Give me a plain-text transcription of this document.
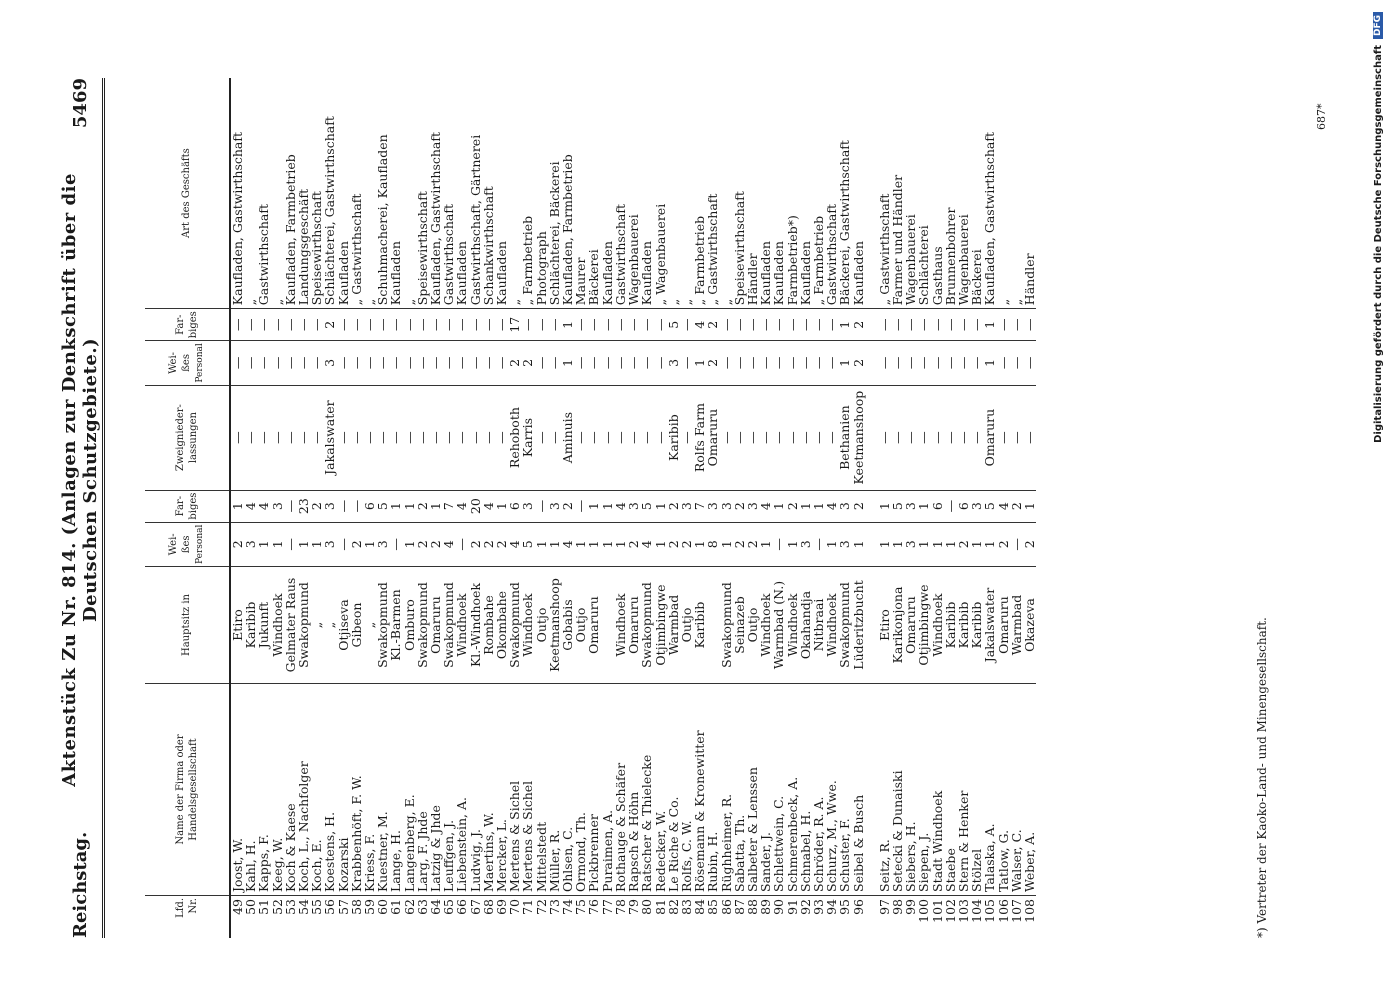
Reichstag.
Aktenstück Zu Nr. 814. (Anlagen zur Denkschrift über die Deutschen Schutzgebiete.)
5469
Lfd. Nr.	Name der Firma oder Handelsgesellschaft	Hauptsitz in	Wei-ßes Personal	Far-biges	Zweignieder-lassungen	Wei-ßes Personal	Far-biges	Art des Geschäfts
49	Joost, W.	Etiro	2	1	—	—	—	Kaufladen, Gastwirthschaft
50	Kahl, H.	Karibib	3	4	—	—	—	„
51	Kapps, F.	Jukunft	1	4	—	—	—	Gastwirthschaft
52	Keeg, W.	Windhoek	1	3	—	—	—	„
53	Koch & Kaese	Gelmater Raus	—	—	—	—	—	Kaufladen, Farmbetrieb
54	Koch, L., Nachfolger	Swakopmund	1	23	—	—	—	Landungsgeschäft
55	Koch, E.	„	1	2	—	—	—	Speisewirthschaft
56	Koestens, H.	„	3	3	Jakalswater	3	2	Schlächterei, Gastwirthschaft
57	Kozarski	Otjiseva	—	—	—	—	—	Kaufladen
58	Krabbenhöft, F. W.	Gibeon	2	—	—	—	—	„ Gastwirthschaft
59	Kriess, F.	„	1	6	—	—	—	„
60	Kuestner, M.	Swakopmund	3	5	—	—	—	Schuhmacherei, Kaufladen
61	Lange, H.	Kl.-Barmen	—	1	—	—	—	Kaufladen
62	Langenberg, E.	Omburo	1	1	—	—	—	„
63	Larg, F. Jhde	Swakopmund	2	2	—	—	—	Speisewirthschaft
64	Latzig & Jhde	Omaruru	2	1	—	—	—	Kaufladen, Gastwirthschaft
65	Leuffgen, J.	Swakopmund	4	7	—	—	—	Gastwirthschaft
66	Liebenstein, A.	Windhoek	—	4	—	—	—	Kaufladen
67	Ludwig, J.	Kl.-Windhoek	2	20	—	—	—	Gastwirthschaft, Gärtnerei
68	Maertins, W.	Rombahe	2	4	—	—	—	Schankwirthschaft
69	Mercker, L.	Okombahe	2	1	—	—	—	Kaufladen
70	Mertens & Sichel	Swakopmund	4	6	Rehoboth	2	17	„
71	Mertens & Sichel	Windhoek	5	3	Karris	2	—	„ Farmbetrieb
72	Mittelstedt	Outjo	1	—	—	—	—	Photograph
73	Müller, R.	Keetmanshoop	1	3	—	—	—	Schlächterei, Bäckerei
74	Ohlsen, C.	Gobabis	4	2	Aminuis	1	1	Kaufladen, Farmbetrieb
75	Ormond, Th.	Outjo	1	—	—	—	—	Maurer
76	Pickbrenner	Omaruru	1	1	—	—	—	Bäckerei
77	Puraimen, A.		1	1	—	—	—	Kaufladen
78	Rothauge & Schäfer	Windhoek	1	4	—	—	—	Gastwirthschaft
79	Rapsch & Höhn	Omaruru	2	3	—	—	—	Wagenbauerei
80	Ratscher & Thielecke	Swakopmund	4	5	—	—	—	Kaufladen
81	Redecker, W.	Otjimbingwe	1	1	—	—	—	„ Wagenbauerei
82	Le Riche & Co.	Warmbad	2	2	Karibib	3	5	„
83	Rolfs, C. W.	Outjo	2	3	—	—	—	„
84	Rösemann & Kronewitter	Karibib	1	7	Rolfs Farm	1	4	„ Farmbetrieb
85	Rubin, H.		8	3	Omaruru	2	2	„ Gastwirthschaft
86	Rüghheimer, R.	Swakopmund	1	3	—	—	—	„
87	Sabatta, Th.	Seinazeb	2	2	—	—	—	Speisewirthschaft
88	Salbeter & Lenssen	Outjo	2	3	—	—	—	Händler
89	Sander, J.	Windhoek	1	4	—	—	—	Kaufladen
90	Schlettwein, C.	Warmbad (N.)	—	1	—	—	—	Kaufladen
91	Schmerenbeck, A.	Windhoek	1	2	—	—	—	Farmbetrieb*)
92	Schnabel, H.	Okahandja	3	1	—	—	—	Kaufladen
93	Schröder, R. A.	Nitbraai	—	1	—	—	—	„ Farmbetrieb
94	Schurz, M., Wwe.	Windhoek	1	4	—	—	—	Gastwirthschaft
95	Schuster, F.	Swakopmund	3	3	Bethanien	1	1	Bäckerei, Gastwirthschaft
96	Seibel & Busch	Lüderitzbucht	1	2	Keetmanshoop	2	2	Kaufladen

97	Seitz, R.	Etiro	1	1	—	—	—	„ Gastwirthschaft
98	Setecki & Dunaiski	Karikonjona	1	5	—	—	—	Farmer und Händler
99	Siebers, H.	Omaruru	3	3	—	—	—	Wagenbauerei
100	Siepen, J.	Otjimbingwe	1	1	—	—	—	Schlächterei
101	Stadt Windhoek	Windhoek	1	6	—	—	—	Gasthaus
102	Staebe	Karibib	1	—	—	—	—	Brunnenbohrer
103	Stern & Henker	Karibib	2	6	—	—	—	Wagenbauerei
104	Stölzel	Karibib	1	3	—	—	—	Bäckerei
105	Talaska, A.	Jakalswater	1	5	Omaruru	1	1	Kaufladen, Gastwirthschaft
106	Tatlow, G.	Omaruru	2	4	—	—	—	„
107	Walser, C.	Warmbad	—	2	—	—	—	„
108	Weber, A.	Okazeva	2	1	—	—	—	Händler
*) Vertreter der Kaoko-Land- und Minengesellschaft.
687*	Digitalisierung gefördert durch die Deutsche Forschungsgemeinschaft
DFG
